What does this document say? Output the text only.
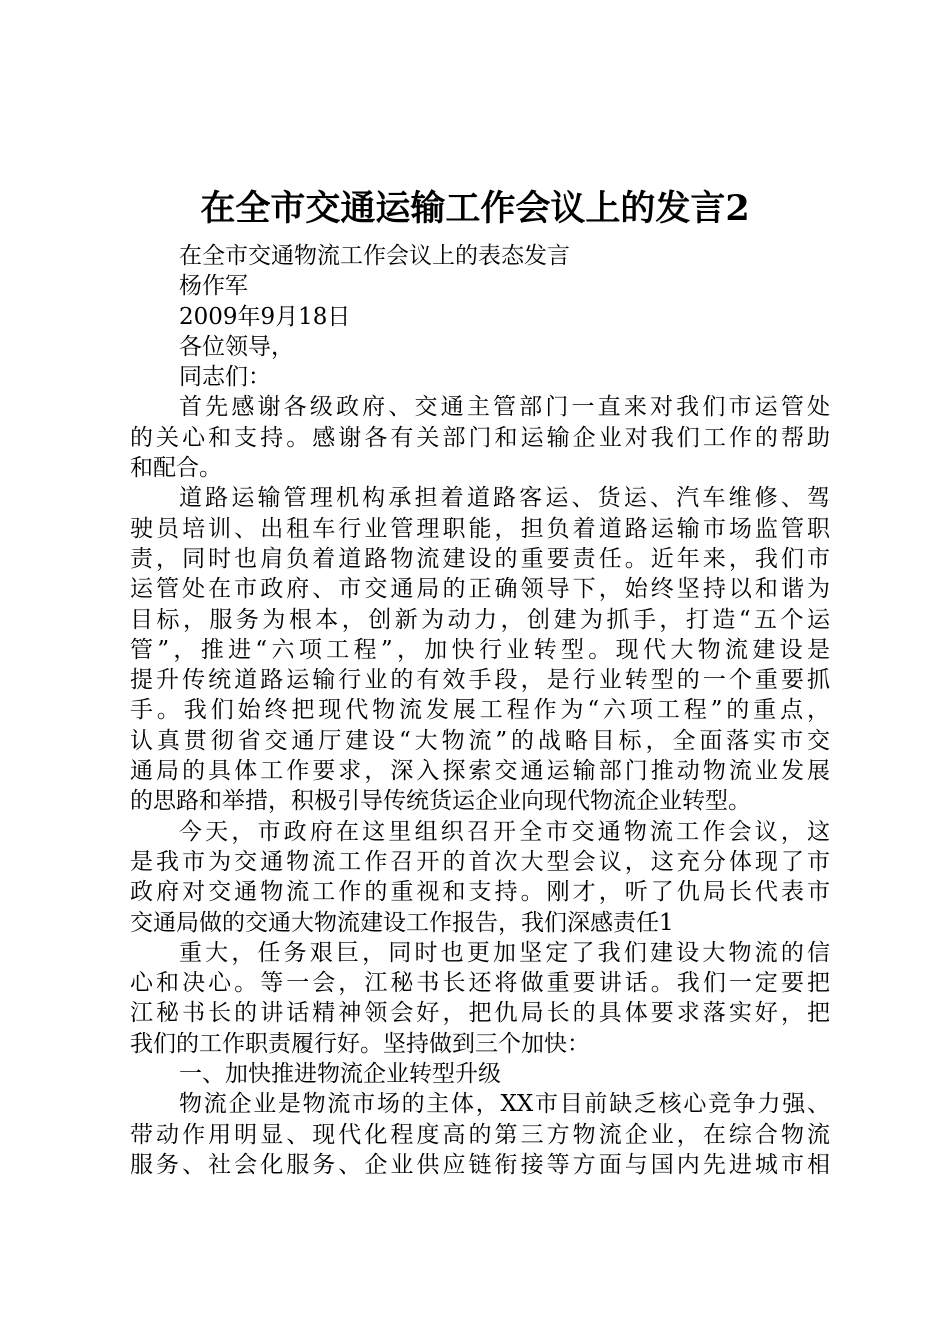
在全市交通运输工作会议上的发言2
在全市交通物流工作会议上的表态发言
杨作军
2009年9月18日
各位领导，
同志们：
首先感谢各级政府、交通主管部门一直来对我们市运管处
的关心和支持。感谢各有关部门和运输企业对我们工作的帮助
和配合。
道路运输管理机构承担着道路客运、货运、汽车维修、驾
驶员培训、出租车行业管理职能，担负着道路运输市场监管职
责，同时也肩负着道路物流建设的重要责任。近年来，我们市
运管处在市政府、市交通局的正确领导下，始终坚持以和谐为
目标，服务为根本，创新为动力，创建为抓手，打造“五个运
管”，推进“六项工程”，加快行业转型。现代大物流建设是
提升传统道路运输行业的有效手段，是行业转型的一个重要抓
手。我们始终把现代物流发展工程作为“六项工程”的重点，
认真贯彻省交通厅建设“大物流”的战略目标，全面落实市交
通局的具体工作要求，深入探索交通运输部门推动物流业发展
的思路和举措，积极引导传统货运企业向现代物流企业转型。
今天，市政府在这里组织召开全市交通物流工作会议，这
是我市为交通物流工作召开的首次大型会议，这充分体现了市
政府对交通物流工作的重视和支持。刚才，听了仇局长代表市
交通局做的交通大物流建设工作报告，我们深感责任1
重大，任务艰巨，同时也更加坚定了我们建设大物流的信
心和决心。等一会，江秘书长还将做重要讲话。我们一定要把
江秘书长的讲话精神领会好，把仇局长的具体要求落实好，把
我们的工作职责履行好。坚持做到三个加快：
一、加快推进物流企业转型升级
物流企业是物流市场的主体，XX市目前缺乏核心竞争力强、
带动作用明显、现代化程度高的第三方物流企业，在综合物流
服务、社会化服务、企业供应链衔接等方面与国内先进城市相
